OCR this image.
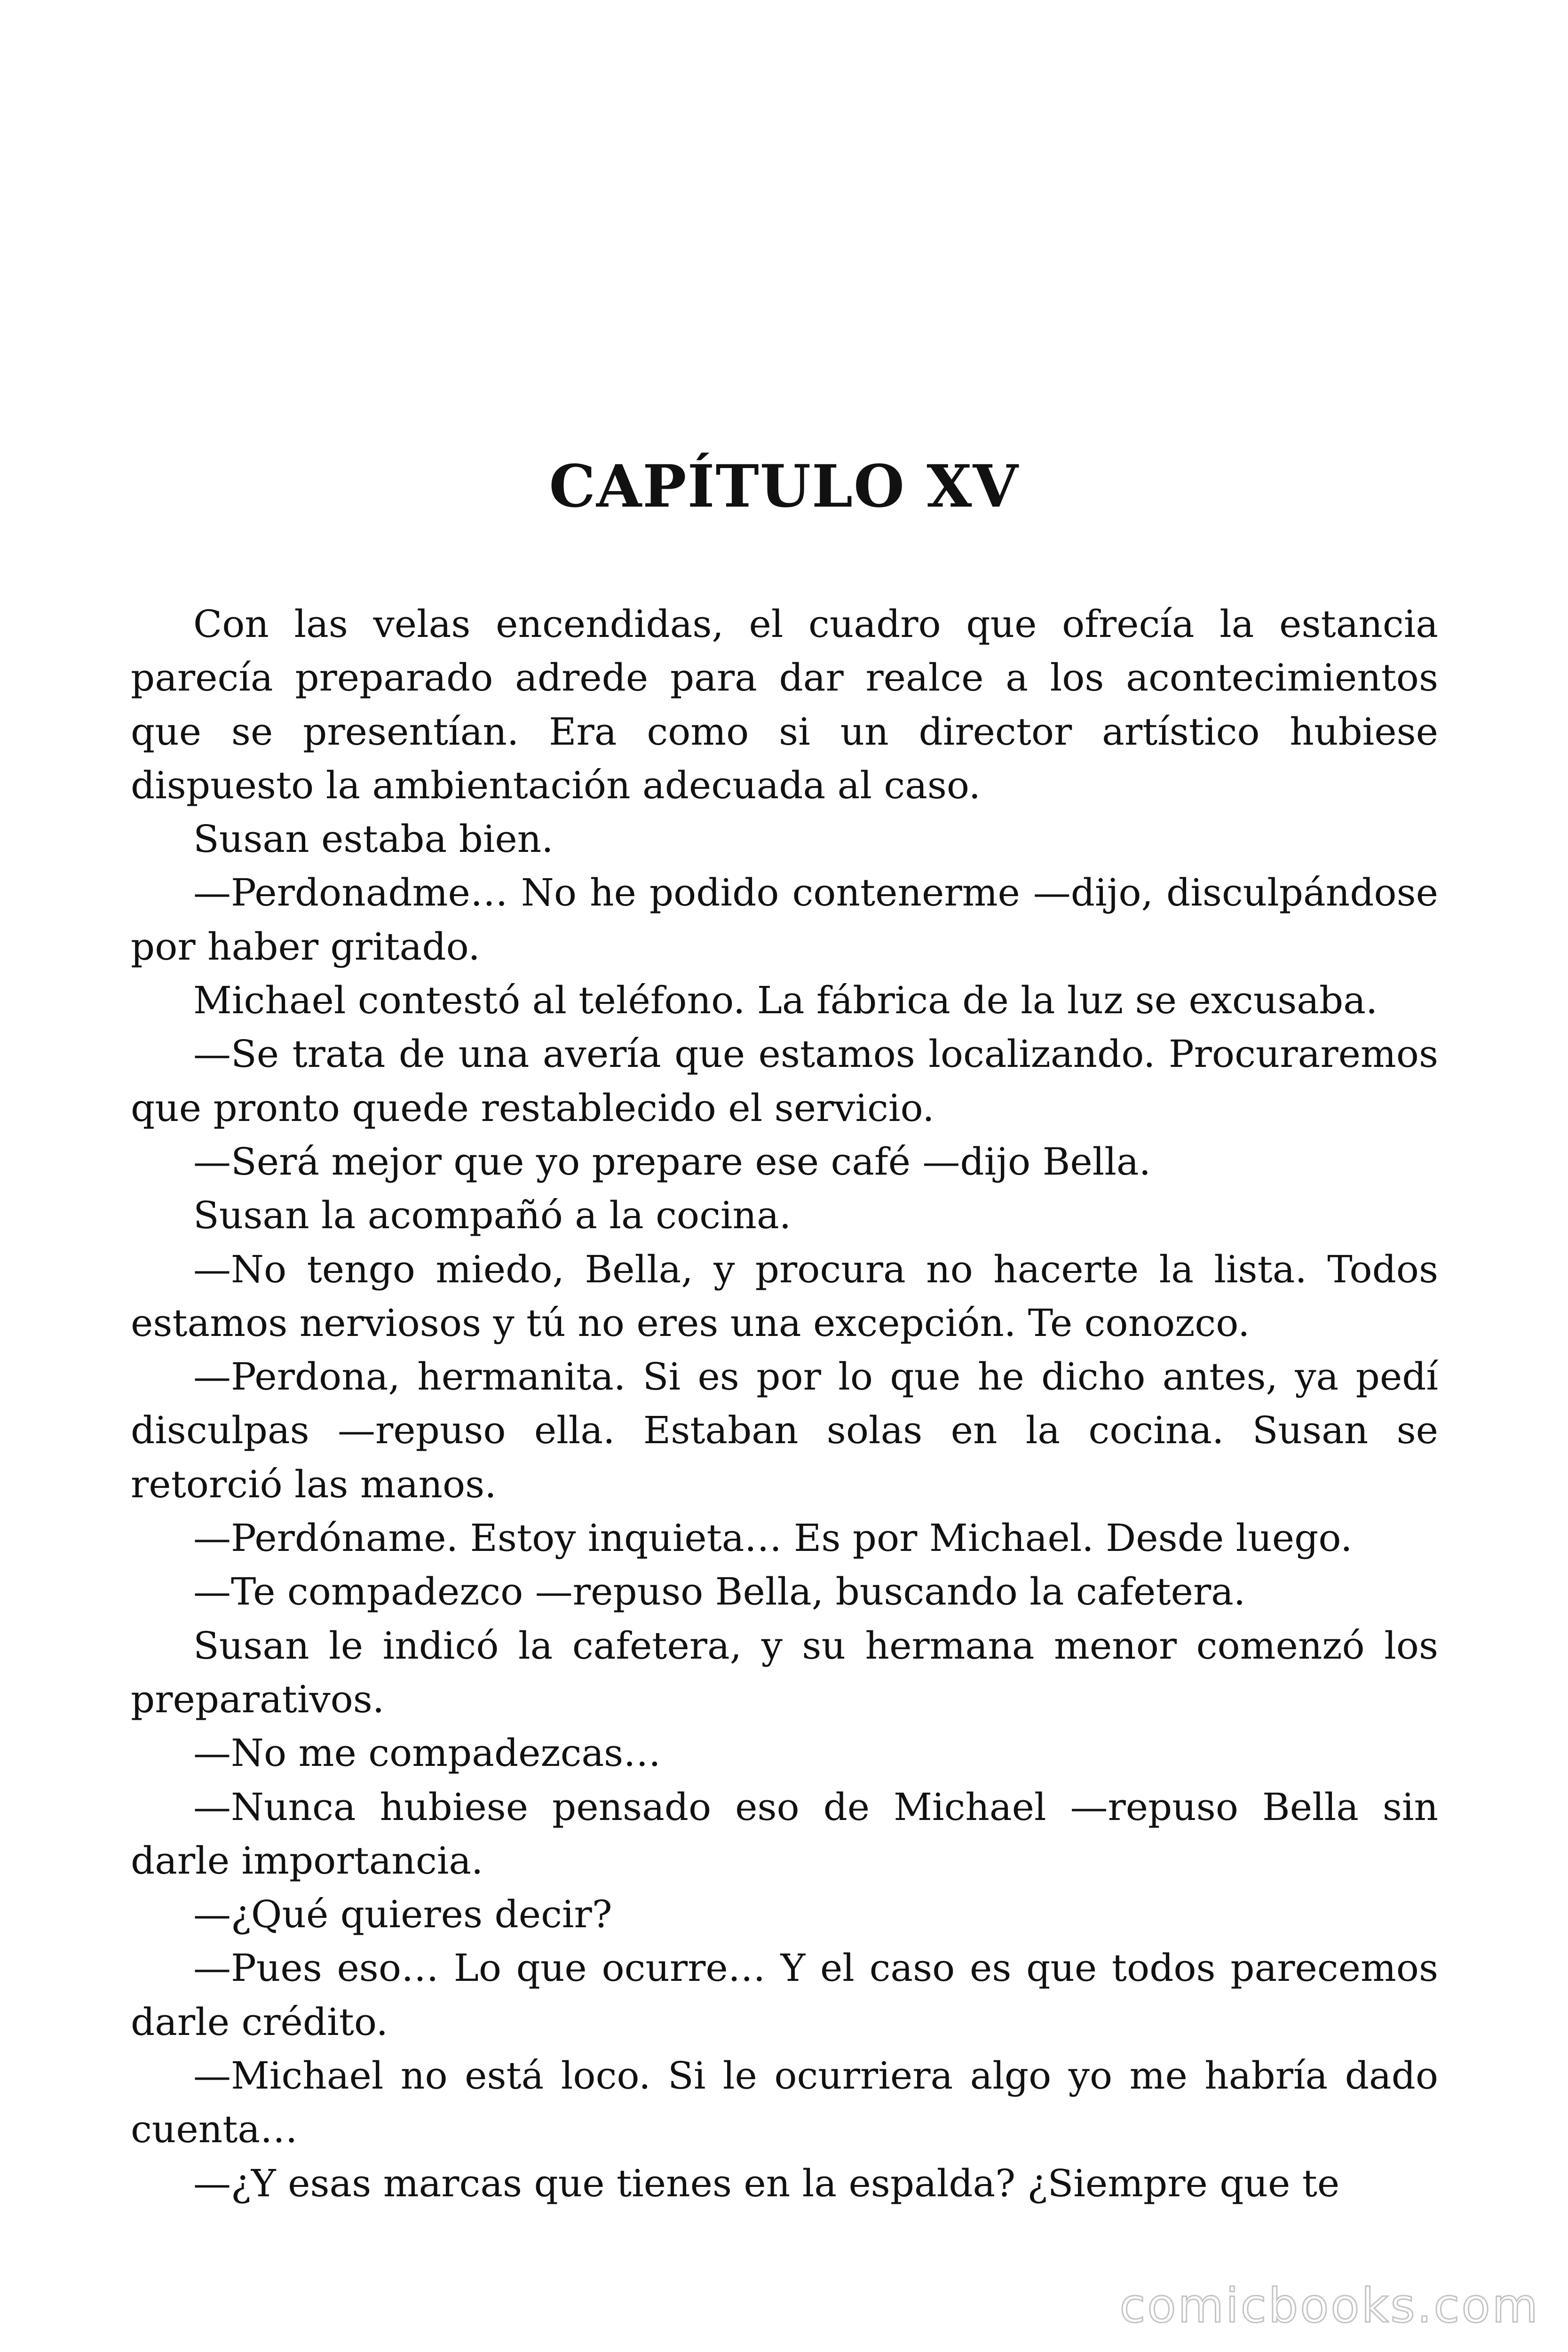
CAPÍTULO XV

Con las velas encendidas, el cuadro que ofrecía la estancia parecía preparado adrede para dar realce a los acontecimientos que se presentían. Era como si un director artístico hubiese dispuesto la ambientación adecuada al caso.

Susan estaba bien.

—Perdonadme… No he podido contenerme —dijo, disculpándose por haber gritado.

Michael contestó al teléfono. La fábrica de la luz se excusaba.

—Se trata de una avería que estamos localizando. Procuraremos que pronto quede restablecido el servicio.

—Será mejor que yo prepare ese café —dijo Bella.

Susan la acompañó a la cocina.

—No tengo miedo, Bella, y procura no hacerte la lista. Todos estamos nerviosos y tú no eres una excepción. Te conozco.

—Perdona, hermanita. Si es por lo que he dicho antes, ya pedí disculpas —repuso ella. Estaban solas en la cocina. Susan se retorció las manos.

—Perdóname. Estoy inquieta… Es por Michael. Desde luego.

—Te compadezco —repuso Bella, buscando la cafetera.

Susan le indicó la cafetera, y su hermana menor comenzó los preparativos.

—No me compadezcas…

—Nunca hubiese pensado eso de Michael —repuso Bella sin darle importancia.

—¿Qué quieres decir?

—Pues eso… Lo que ocurre… Y el caso es que todos parecemos darle crédito.

—Michael no está loco. Si le ocurriera algo yo me habría dado cuenta…

—¿Y esas marcas que tienes en la espalda? ¿Siempre que te

comicbooks.com
